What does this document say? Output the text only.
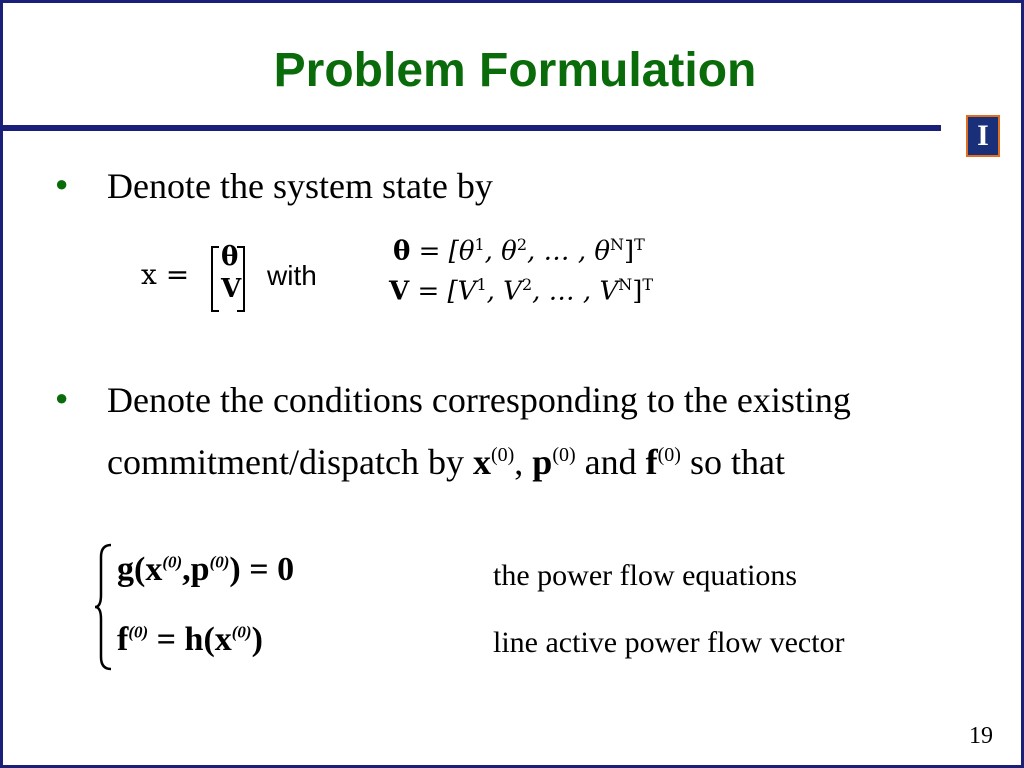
Problem Formulation
I
● Denote the system state by
x =
θ
V with
$\theta = [\theta^1$, $\theta^2$, … , $\theta^N]^T$
$V = [V^1$, $V^2$, … , $V^N]^T$
● Denote the conditions corresponding to the existing
commitment/dispatch by $x^{(0)}$, $p^{(0)}$ and $f^{(0)}$ so that
$g(x^{(0)},p^{(0)}) = 0$
$f^{(0)} = h(x^{(0)})$
the power flow equations
line active power flow vector
19
